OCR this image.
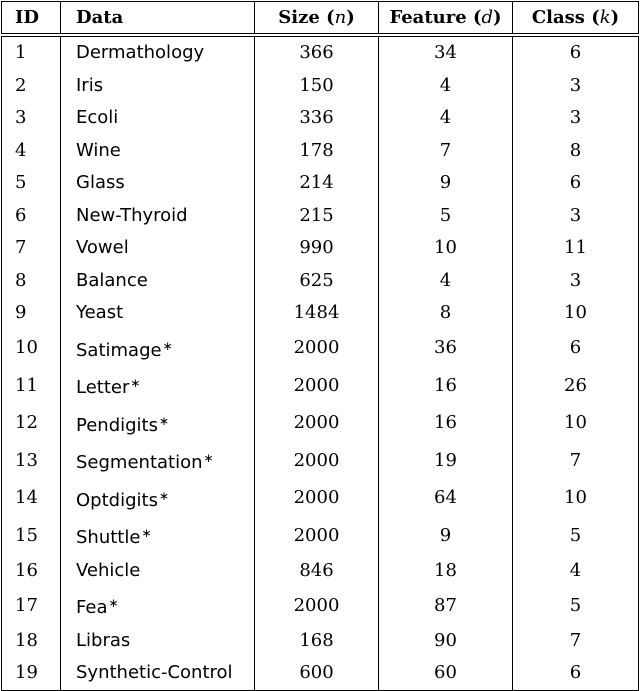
ID	Data	Size (n)	Feature (d)	Class (k)
1	Dermathology	366	34	6
2	Iris	150	4	3
3	Ecoli	336	4	3
4	Wine	178	7	8
5	Glass	214	9	6
6	New-Thyroid	215	5	3
7	Vowel	990	10	11
8	Balance	625	4	3
9	Yeast	1484	8	10
10	Satimage∗	2000	36	6
11	Letter∗	2000	16	26
12	Pendigits∗	2000	16	10
13	Segmentation∗	2000	19	7
14	Optdigits∗	2000	64	10
15	Shuttle∗	2000	9	5
16	Vehicle	846	18	4
17	Fea∗	2000	87	5
18	Libras	168	90	7
19	Synthetic-Control	600	60	6
